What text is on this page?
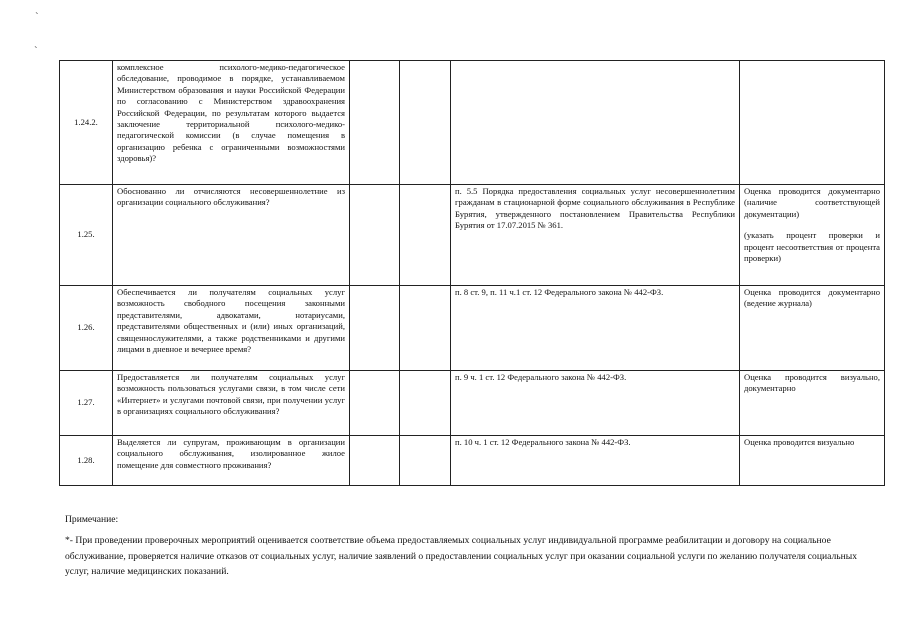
`
`
1.24.2.	комплексное психолого-медико-педагогическое обследование, проводимое в порядке, устанавливаемом Министерством образования и науки Российской Федерации по согласованию с Министерством здравоохранения Российской Федерации, по результатам которого выдается заключение территориальной психолого-медико-педагогической комиссии (в случае помещения в организацию ребенка с ограниченными возможностями здоровья)?				

1.25.	Обоснованно ли отчисляются несовершеннолетние из организации социального обслуживания?			п. 5.5 Порядка предоставления социальных услуг несовершеннолетним гражданам в стационарной форме социального обслуживания в Республике Бурятия, утвержденного постановлением Правительства Республики Бурятия от 17.07.2015 № 361.	Оценка проводится документарно (наличие соответствующей документации)
(указать процент проверки и процент несоответствия от процента проверки)

1.26.	Обеспечивается ли получателям социальных услуг возможность свободного посещения законными представителями, адвокатами, нотариусами, представителями общественных и (или) иных организаций, священнослужителями, а также родственниками и другими лицами в дневное и вечернее время?			п. 8 ст. 9, п. 11 ч.1 ст. 12 Федерального закона № 442-ФЗ.	Оценка проводится документарно (ведение журнала)

1.27.	Предоставляется ли получателям социальных услуг возможность пользоваться услугами связи, в том числе сети «Интернет» и услугами почтовой связи, при получении услуг в организациях социального обслуживания?			п. 9 ч. 1 ст. 12 Федерального закона № 442-ФЗ.	Оценка проводится визуально, документарно

1.28.	Выделяется ли супругам, проживающим в организации социального обслуживания, изолированное жилое помещение для совместного проживания?			п. 10 ч. 1 ст. 12 Федерального закона № 442-ФЗ.	Оценка проводится визуально
Примечание:
*- При проведении проверочных мероприятий оценивается соответствие объема предоставляемых социальных услуг индивидуальной программе реабилитации и договору на социальное обслуживание, проверяется наличие отказов от социальных услуг, наличие заявлений о предоставлении социальных услуг при оказании социальной услуги по желанию получателя социальных услуг, наличие медицинских показаний.
